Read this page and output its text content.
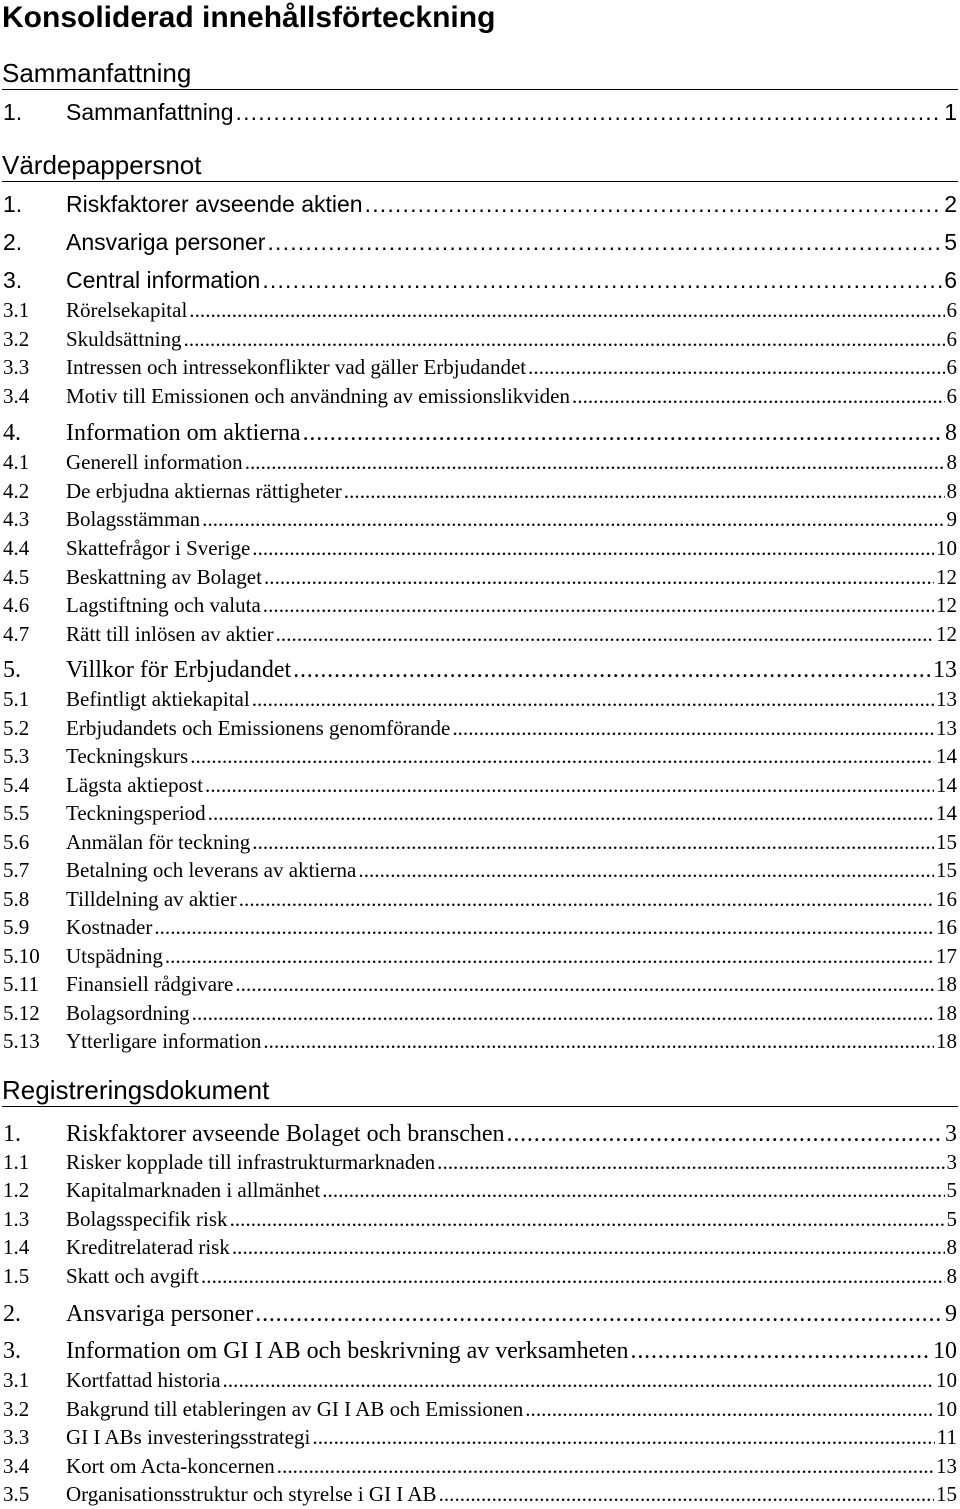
Konsoliderad innehållsförteckning
Sammanfattning
1.	Sammanfattning . . .	1
Värdepappersnot
1.	Riskfaktorer avseende aktien . . .	2
2.	Ansvariga personer . . .	5
3.	Central information . . .	6
3.1	Rörelsekapital . . .	6
3.2	Skuldsättning . . .	6
3.3	Intressen och intressekonflikter vad gäller Erbjudandet . . .	6
3.4	Motiv till Emissionen och användning av emissionslikviden . . .	6
4.	Information om aktierna . . .	8
4.1	Generell information . . .	8
4.2	De erbjudna aktiernas rättigheter . . .	8
4.3	Bolagsstämman . . .	9
4.4	Skattefrågor i Sverige . . .	10
4.5	Beskattning av Bolaget . . .	12
4.6	Lagstiftning och valuta . . .	12
4.7	Rätt till inlösen av aktier . . .	12
5.	Villkor för Erbjudandet . . .	13
5.1	Befintligt aktiekapital . . .	13
5.2	Erbjudandets och Emissionens genomförande . . .	13
5.3	Teckningskurs . . .	14
5.4	Lägsta aktiepost . . .	14
5.5	Teckningsperiod . . .	14
5.6	Anmälan för teckning . . .	15
5.7	Betalning och leverans av aktierna . . .	15
5.8	Tilldelning av aktier . . .	16
5.9	Kostnader . . .	16
5.10	Utspädning . . .	17
5.11	Finansiell rådgivare . . .	18
5.12	Bolagsordning . . .	18
5.13	Ytterligare information . . .	18
Registreringsdokument
1.	Riskfaktorer avseende Bolaget och branschen . . .	3
1.1	Risker kopplade till infrastrukturmarknaden . . .	3
1.2	Kapitalmarknaden i allmänhet . . .	5
1.3	Bolagsspecifik risk . . .	5
1.4	Kreditrelaterad risk . . .	8
1.5	Skatt och avgift . . .	8
2.	Ansvariga personer . . .	9
3.	Information om GI I AB och beskrivning av verksamheten . . .	10
3.1	Kortfattad historia . . .	10
3.2	Bakgrund till etableringen av GI I AB och Emissionen . . .	10
3.3	GI I ABs investeringsstrategi . . .	11
3.4	Kort om Acta-koncernen . . .	13
3.5	Organisationsstruktur och styrelse i GI I AB . . .	15
